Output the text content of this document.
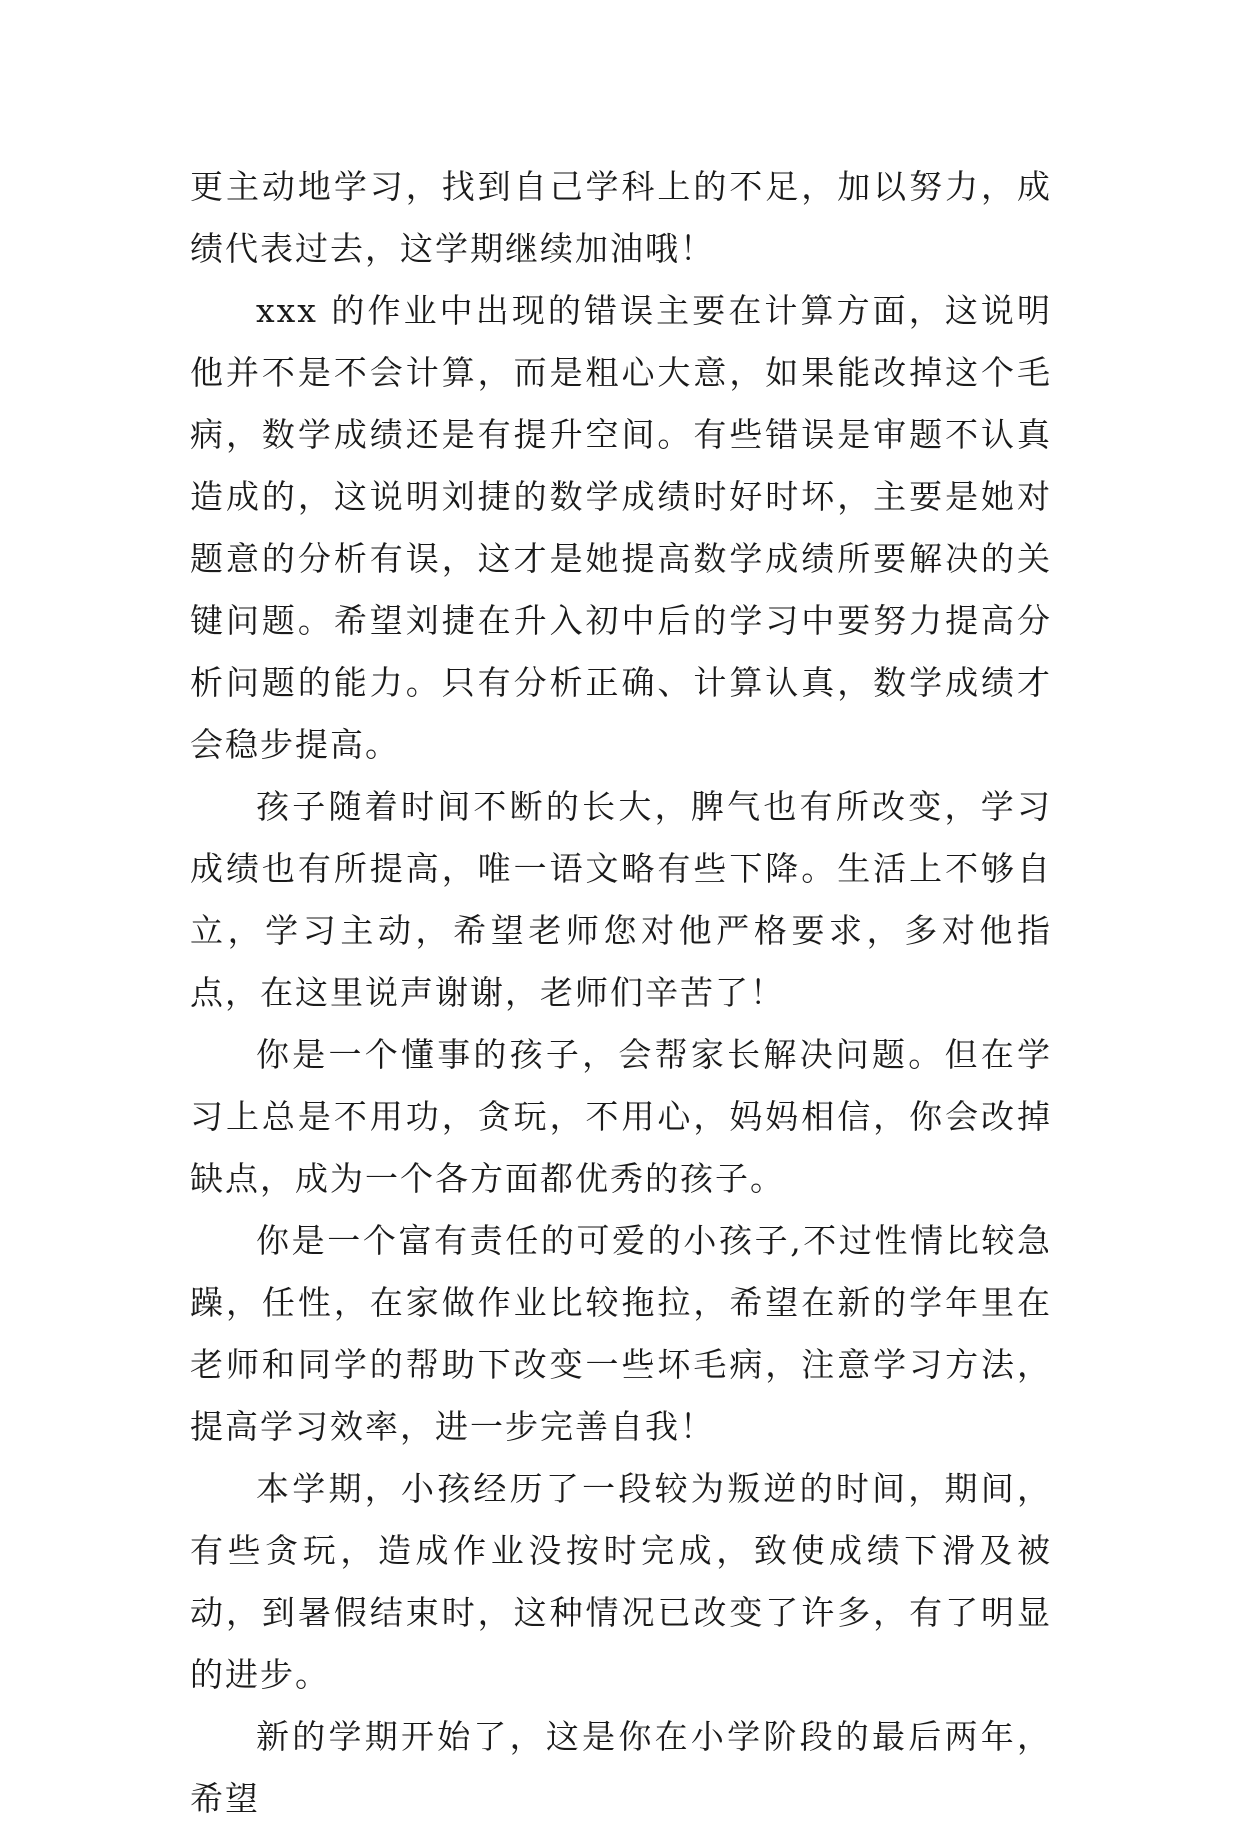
更主动地学习，找到自己学科上的不足，加以努力，成绩代表过去，这学期继续加油哦！

xxx 的作业中出现的错误主要在计算方面，这说明他并不是不会计算，而是粗心大意，如果能改掉这个毛病，数学成绩还是有提升空间。有些错误是审题不认真造成的，这说明刘捷的数学成绩时好时坏，主要是她对题意的分析有误，这才是她提高数学成绩所要解决的关键问题。希望刘捷在升入初中后的学习中要努力提高分析问题的能力。只有分析正确、计算认真，数学成绩才会稳步提高。

孩子随着时间不断的长大，脾气也有所改变，学习成绩也有所提高，唯一语文略有些下降。生活上不够自立，学习主动，希望老师您对他严格要求，多对他指点，在这里说声谢谢，老师们辛苦了！

你是一个懂事的孩子，会帮家长解决问题。但在学习上总是不用功，贪玩，不用心，妈妈相信，你会改掉缺点，成为一个各方面都优秀的孩子。

你是一个富有责任的可爱的小孩子,不过性情比较急躁，任性，在家做作业比较拖拉，希望在新的学年里在老师和同学的帮助下改变一些坏毛病，注意学习方法，提高学习效率，进一步完善自我！

本学期，小孩经历了一段较为叛逆的时间，期间，有些贪玩，造成作业没按时完成，致使成绩下滑及被动，到暑假结束时，这种情况已改变了许多，有了明显的进步。

新的学期开始了，这是你在小学阶段的最后两年，希望
